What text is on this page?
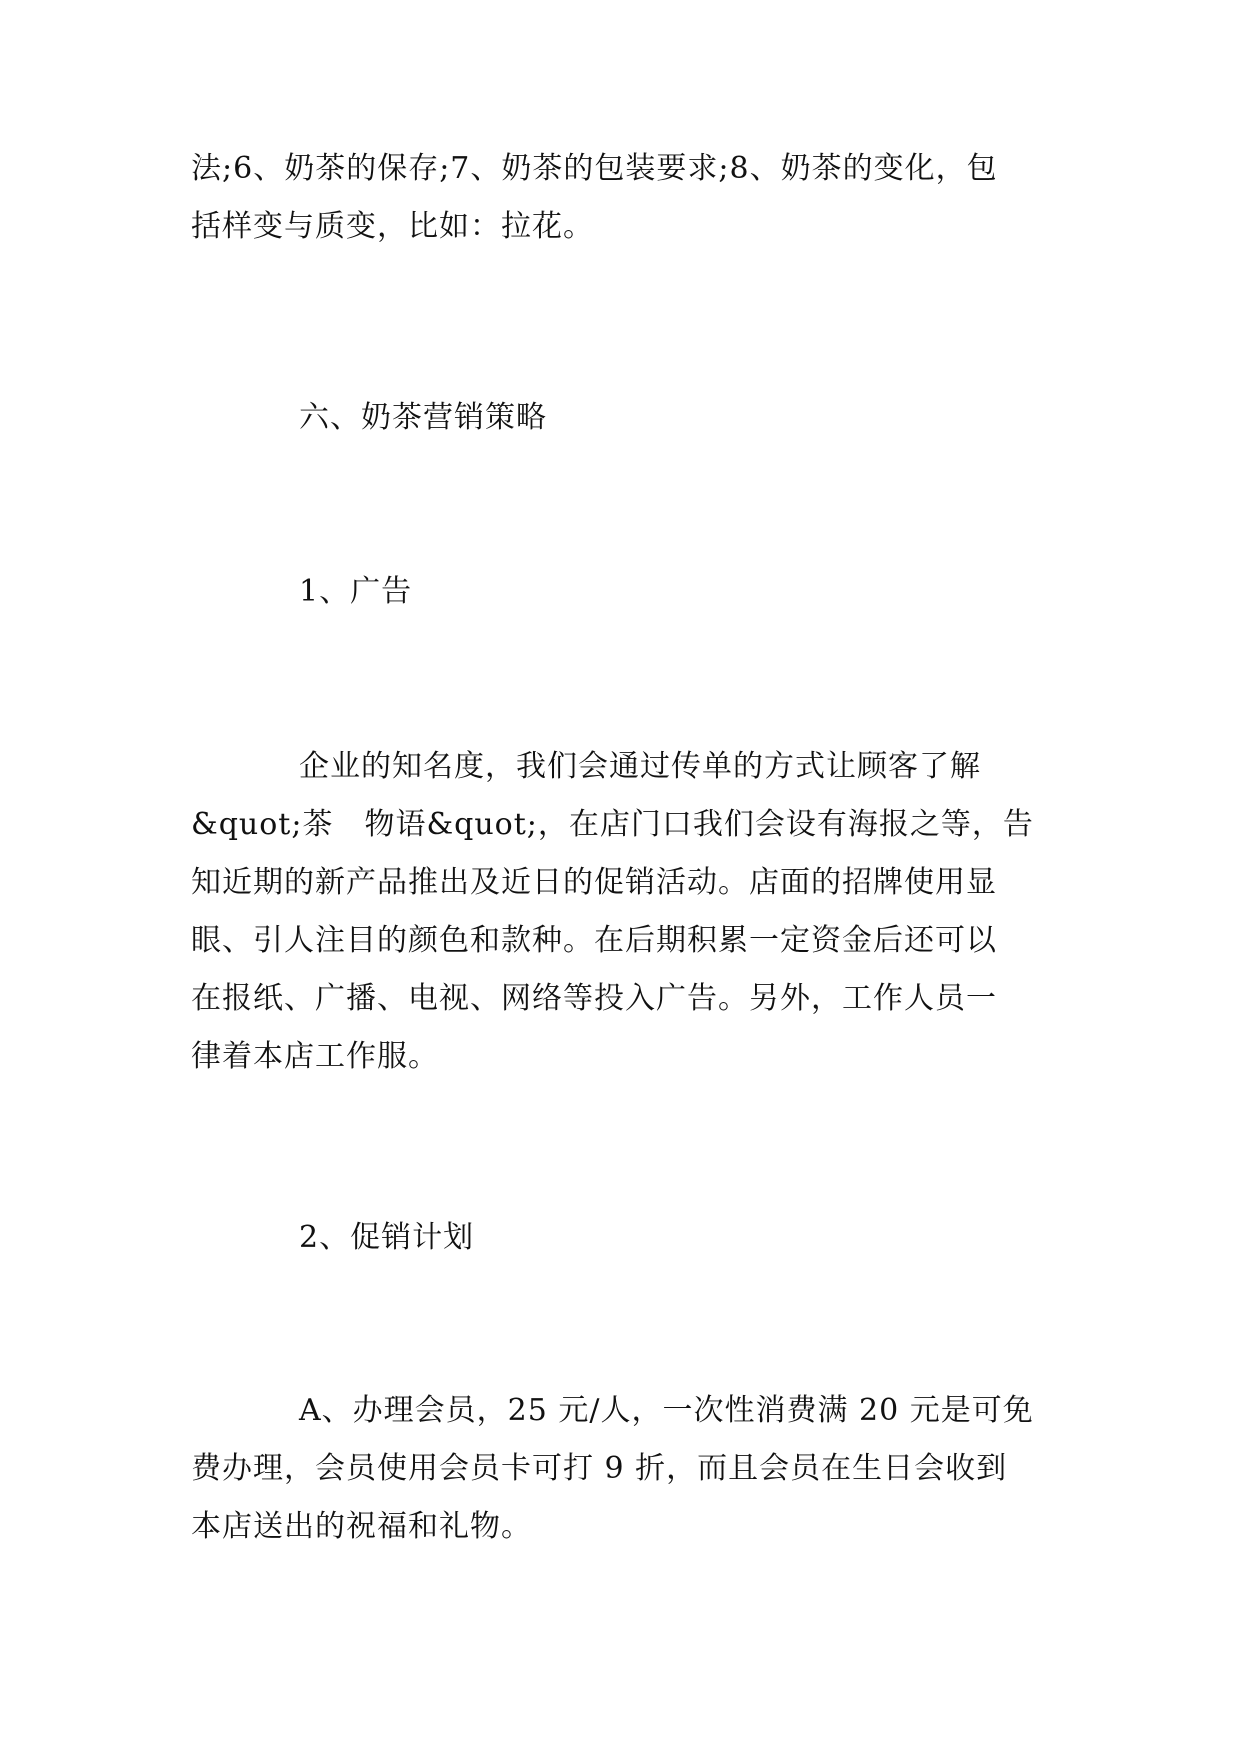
法;6、奶茶的保存;7、奶茶的包装要求;8、奶茶的变化，包
括样变与质变，比如：拉花。
六、奶茶营销策略
1、广告
企业的知名度，我们会通过传单的方式让顾客了解
&quot;茶　物语&quot;，在店门口我们会设有海报之等，告
知近期的新产品推出及近日的促销活动。店面的招牌使用显
眼、引人注目的颜色和款种。在后期积累一定资金后还可以
在报纸、广播、电视、网络等投入广告。另外，工作人员一
律着本店工作服。
2、促销计划
A、办理会员，25 元/人，一次性消费满 20 元是可免
费办理，会员使用会员卡可打 9 折，而且会员在生日会收到
本店送出的祝福和礼物。
